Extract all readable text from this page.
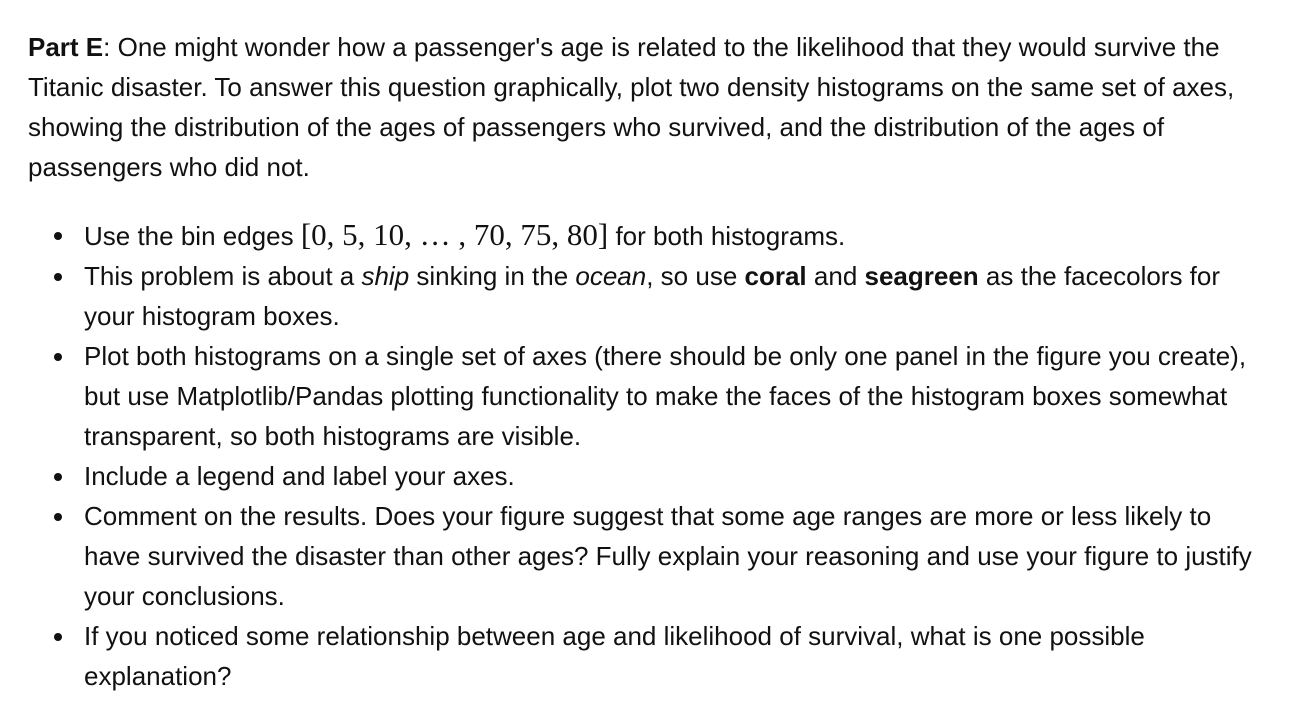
Part E: One might wonder how a passenger's age is related to the likelihood that they would survive the Titanic disaster. To answer this question graphically, plot two density histograms on the same set of axes, showing the distribution of the ages of passengers who survived, and the distribution of the ages of passengers who did not.

Use the bin edges [0, 5, 10, … , 70, 75, 80] for both histograms.
This problem is about a ship sinking in the ocean, so use coral and seagreen as the facecolors for your histogram boxes.
Plot both histograms on a single set of axes (there should be only one panel in the figure you create), but use Matplotlib/Pandas plotting functionality to make the faces of the histogram boxes somewhat transparent, so both histograms are visible.
Include a legend and label your axes.
Comment on the results. Does your figure suggest that some age ranges are more or less likely to have survived the disaster than other ages? Fully explain your reasoning and use your figure to justify your conclusions.
If you noticed some relationship between age and likelihood of survival, what is one possible explanation?
